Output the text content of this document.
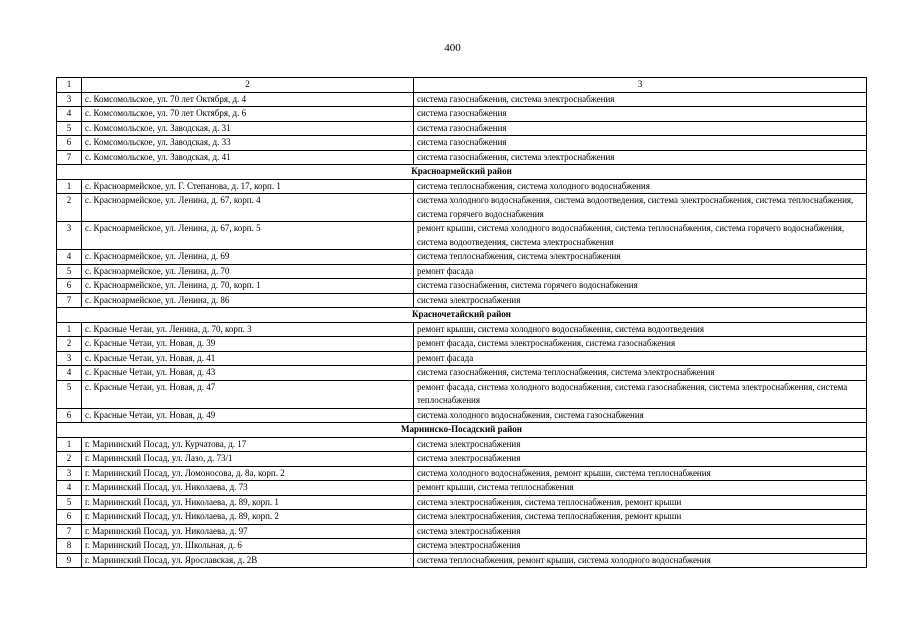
400
1	2	3
3	с. Комсомольское, ул. 70 лет Октября, д. 4	система газоснабжения, система электроснабжения
4	с. Комсомольское, ул. 70 лет Октября, д. 6	система газоснабжения
5	с. Комсомольское, ул. Заводская, д. 31	система газоснабжения
6	с. Комсомольское, ул. Заводская, д. 33	система газоснабжения
7	с. Комсомольское, ул. Заводская, д. 41	система газоснабжения, система электроснабжения
Красноармейский район		
1	с. Красноармейское, ул. Г. Степанова, д. 17, корп. 1	система теплоснабжения, система холодного водоснабжения
2	с. Красноармейское, ул. Ленина, д. 67, корп. 4	система холодного водоснабжения, система водоотведения, система электроснабжения, система теплоснабжения, система горячего водоснабжения
3	с. Красноармейское, ул. Ленина, д. 67, корп. 5	ремонт крыши, система холодного водоснабжения, система теплоснабжения, система горячего водоснабжения, система водоотведения, система электроснабжения
4	с. Красноармейское, ул. Ленина, д. 69	система теплоснабжения, система электроснабжения
5	с. Красноармейское, ул. Ленина, д. 70	ремонт фасада
6	с. Красноармейское, ул. Ленина, д. 70, корп. 1	система газоснабжения, система горячего водоснабжения
7	с. Красноармейское, ул. Ленина, д. 86	система электроснабжения
Красночетайский район		
1	с. Красные Четаи, ул. Ленина, д. 70, корп. 3	ремонт крыши, система холодного водоснабжения, система водоотведения
2	с. Красные Четаи, ул. Новая, д. 39	ремонт фасада, система электроснабжения, система газоснабжения
3	с. Красные Четаи, ул. Новая, д. 41	ремонт фасада
4	с. Красные Четаи, ул. Новая, д. 43	система газоснабжения, система теплоснабжения, система электроснабжения
5	с. Красные Четаи, ул. Новая, д. 47	ремонт фасада, система холодного водоснабжения, система газоснабжения, система электроснабжения, система теплоснабжения
6	с. Красные Четаи, ул. Новая, д. 49	система холодного водоснабжения, система газоснабжения
Мариинско-Посадский район		
1	г. Мариинский Посад, ул. Курчатова, д. 17	система электроснабжения
2	г. Мариинский Посад, ул. Лазо, д. 73/1	система электроснабжения
3	г. Мариинский Посад, ул. Ломоносова, д. 8а, корп. 2	система холодного водоснабжения, ремонт крыши, система теплоснабжения
4	г. Мариинский Посад, ул. Николаева, д. 73	ремонт крыши, система теплоснабжения
5	г. Мариинский Посад, ул. Николаева, д. 89, корп. 1	система электроснабжения, система теплоснабжения, ремонт крыши
6	г. Мариинский Посад, ул. Николаева, д. 89, корп. 2	система электроснабжения, система теплоснабжения, ремонт крыши
7	г. Мариинский Посад, ул. Николаева, д. 97	система электроснабжения
8	г. Мариинский Посад, ул. Школьная, д. 6	система электроснабжения
9	г. Мариинский Посад, ул. Ярославская, д. 2В	система теплоснабжения, ремонт крыши, система холодного водоснабжения
